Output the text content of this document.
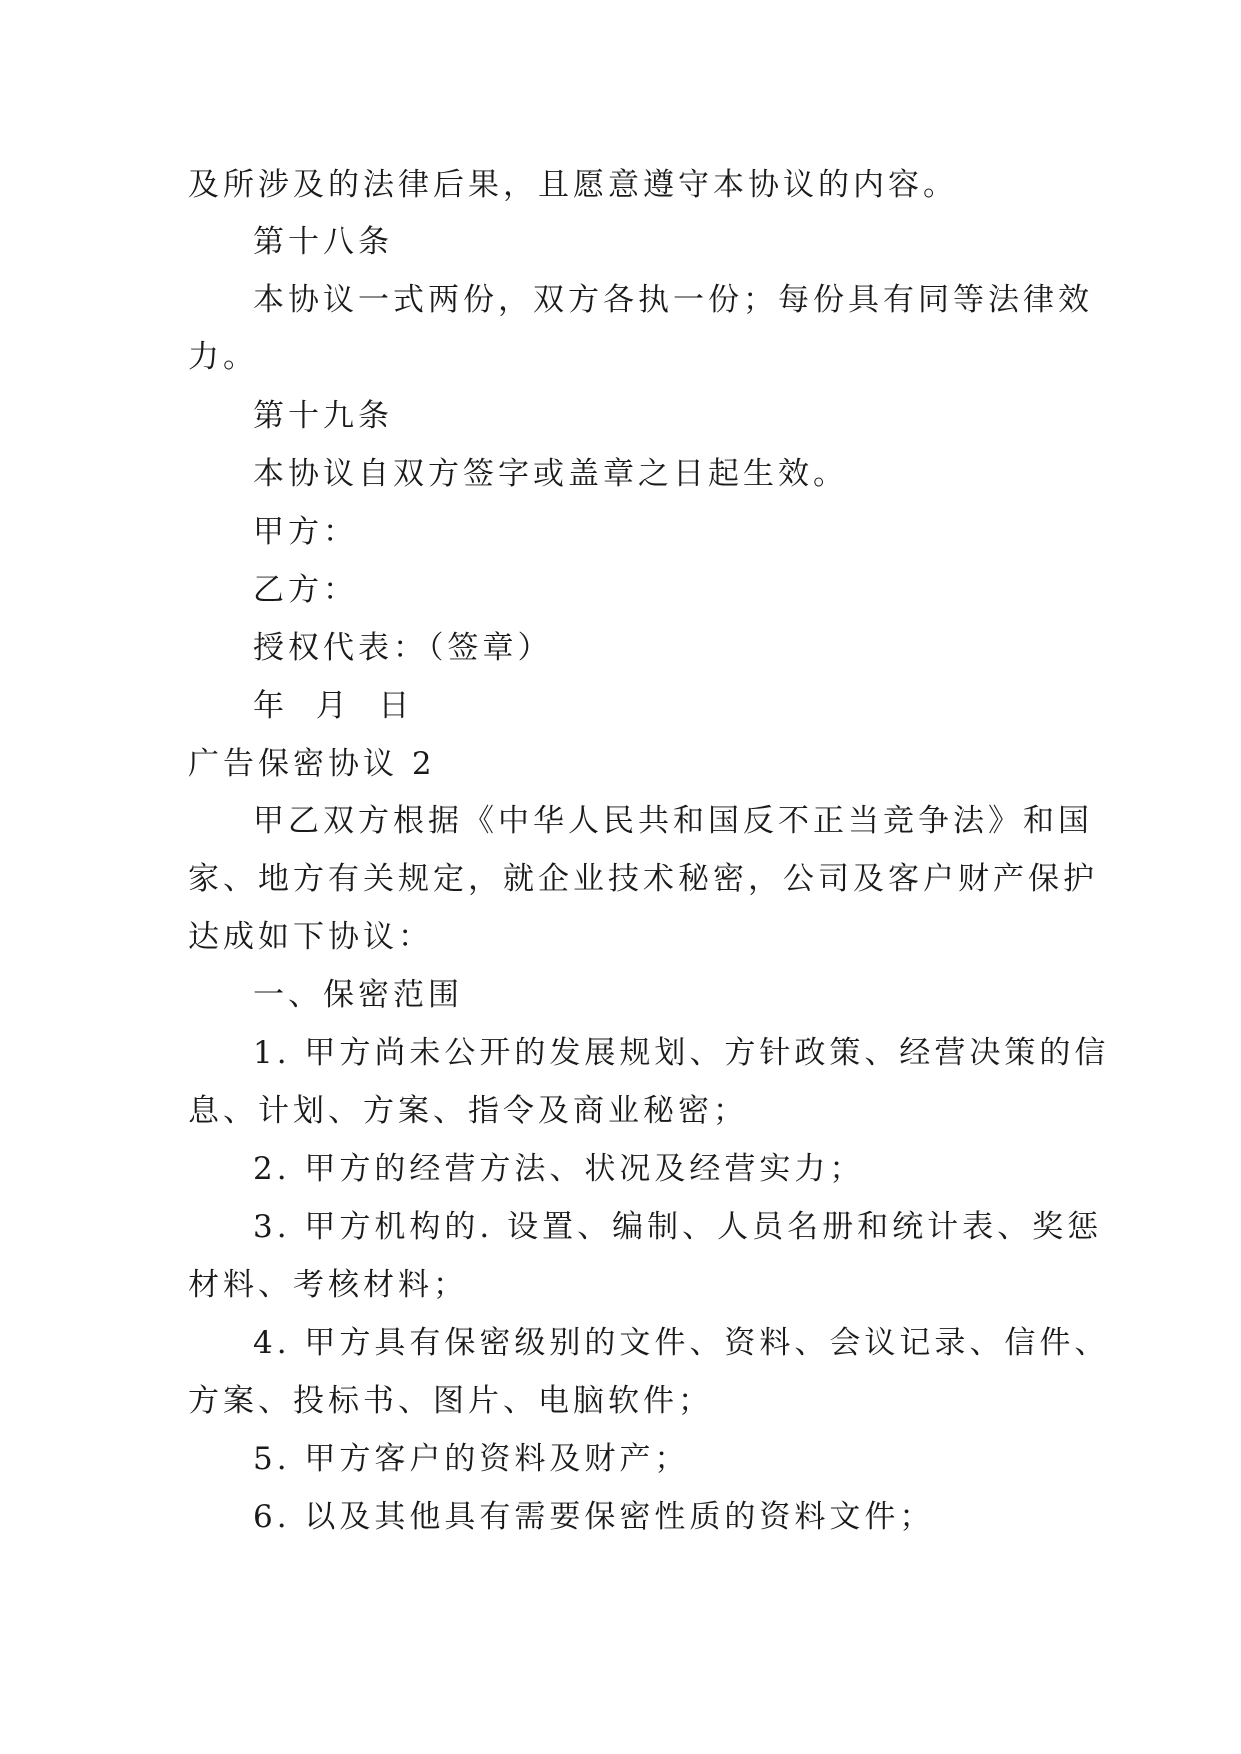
及所涉及的法律后果，且愿意遵守本协议的内容。
第十八条
本协议一式两份，双方各执一份；每份具有同等法律效
力。
第十九条
本协议自双方签字或盖章之日起生效。
甲方：
乙方：
授权代表：（签章）
年  月  日
广告保密协议 2
甲乙双方根据《中华人民共和国反不正当竞争法》和国
家、地方有关规定，就企业技术秘密，公司及客户财产保护
达成如下协议：
一、保密范围
1. 甲方尚未公开的发展规划、方针政策、经营决策的信
息、计划、方案、指令及商业秘密；
2. 甲方的经营方法、状况及经营实力；
3. 甲方机构的. 设置、编制、人员名册和统计表、奖惩
材料、考核材料；
4. 甲方具有保密级别的文件、资料、会议记录、信件、
方案、投标书、图片、电脑软件；
5. 甲方客户的资料及财产；
6. 以及其他具有需要保密性质的资料文件；
